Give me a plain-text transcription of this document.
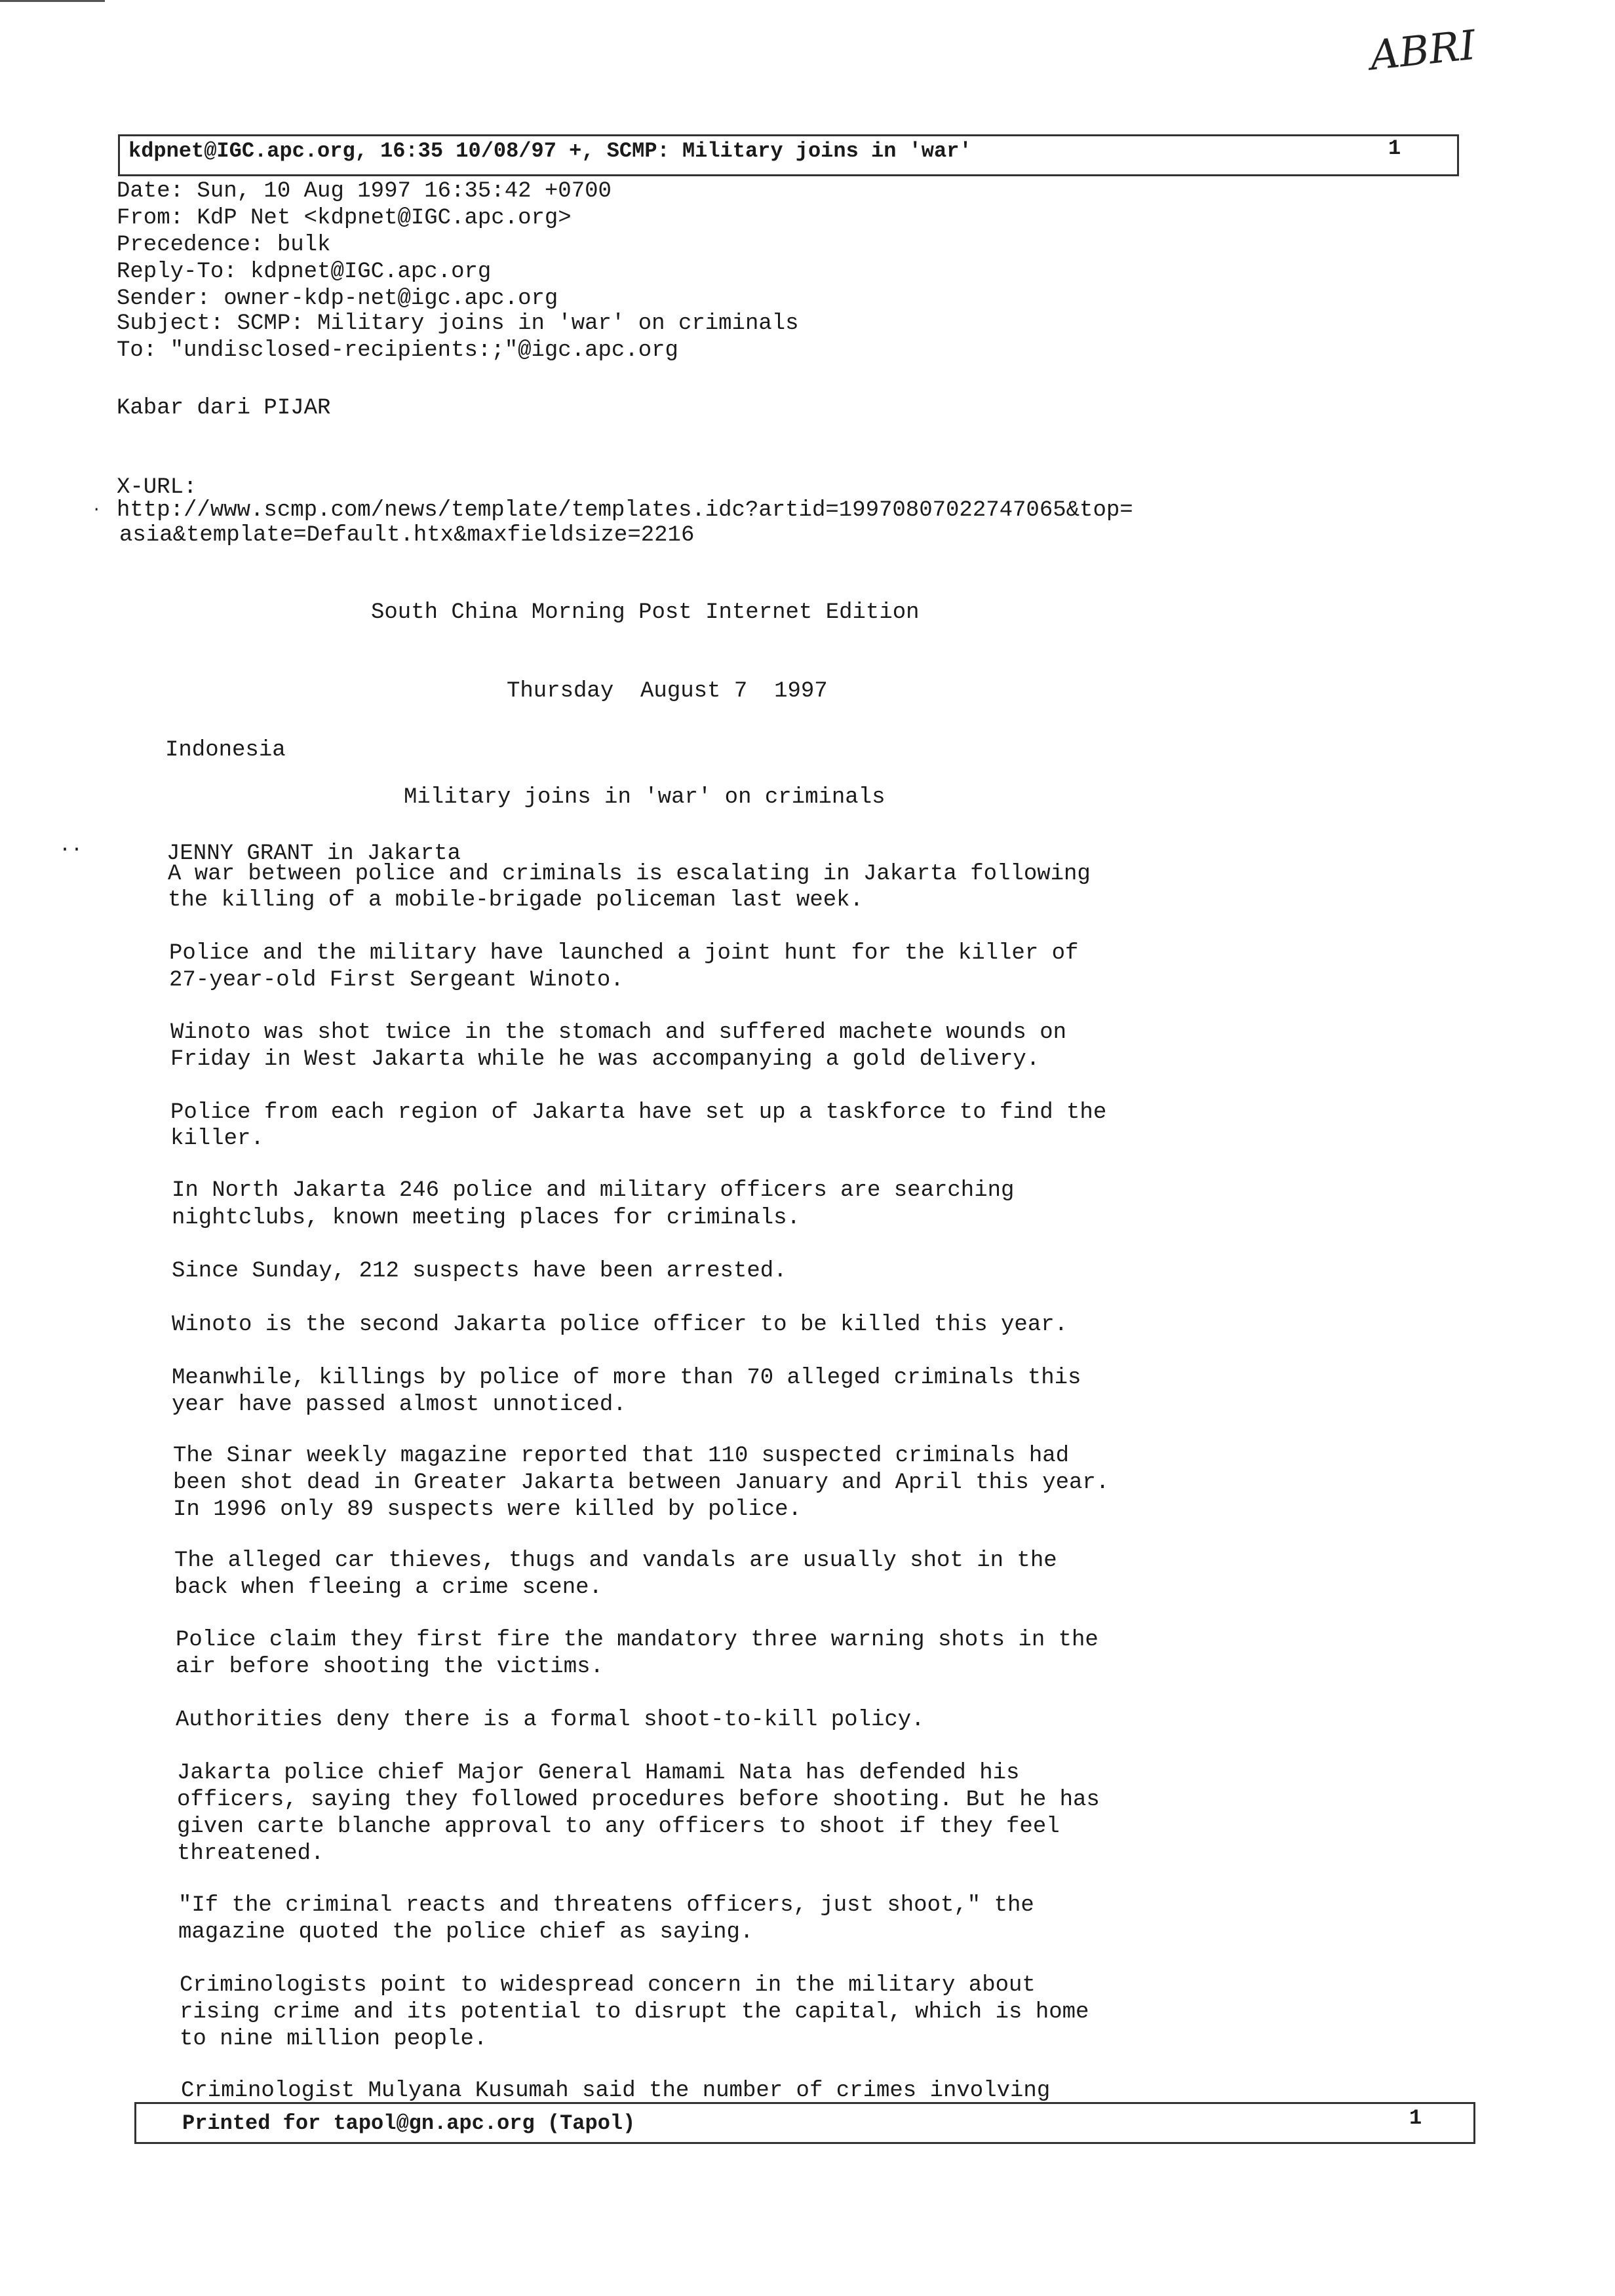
ABRI
kdpnet@IGC.apc.org, 16:35 10/08/97 +, SCMP: Military joins in 'war'	1
Date: Sun, 10 Aug 1997 16:35:42 +0700
From: KdP Net <kdpnet@IGC.apc.org>
Precedence: bulk
Reply-To: kdpnet@IGC.apc.org
Sender: owner-kdp-net@igc.apc.org
Subject: SCMP: Military joins in 'war' on criminals
To: "undisclosed-recipients:;"@igc.apc.org
Kabar dari PIJAR
X-URL:
· http://www.scmp.com/news/template/templates.idc?artid=19970807022747065&top=
asia&template=Default.htx&maxfieldsize=2216
South China Morning Post Internet Edition
Thursday  August 7  1997
Indonesia
Military joins in 'war' on criminals
··	JENNY GRANT in Jakarta
A war between police and criminals is escalating in Jakarta following
the killing of a mobile-brigade policeman last week.
Police and the military have launched a joint hunt for the killer of
27-year-old First Sergeant Winoto.
Winoto was shot twice in the stomach and suffered machete wounds on
Friday in West Jakarta while he was accompanying a gold delivery.
Police from each region of Jakarta have set up a taskforce to find the
killer.
In North Jakarta 246 police and military officers are searching
nightclubs, known meeting places for criminals.
Since Sunday, 212 suspects have been arrested.
Winoto is the second Jakarta police officer to be killed this year.
Meanwhile, killings by police of more than 70 alleged criminals this
year have passed almost unnoticed.
The Sinar weekly magazine reported that 110 suspected criminals had
been shot dead in Greater Jakarta between January and April this year.
In 1996 only 89 suspects were killed by police.
The alleged car thieves, thugs and vandals are usually shot in the
back when fleeing a crime scene.
Police claim they first fire the mandatory three warning shots in the
air before shooting the victims.
Authorities deny there is a formal shoot-to-kill policy.
Jakarta police chief Major General Hamami Nata has defended his
officers, saying they followed procedures before shooting. But he has
given carte blanche approval to any officers to shoot if they feel
threatened.
"If the criminal reacts and threatens officers, just shoot," the
magazine quoted the police chief as saying.
Criminologists point to widespread concern in the military about
rising crime and its potential to disrupt the capital, which is home
to nine million people.
Criminologist Mulyana Kusumah said the number of crimes involving
Printed for tapol@gn.apc.org (Tapol)	1
